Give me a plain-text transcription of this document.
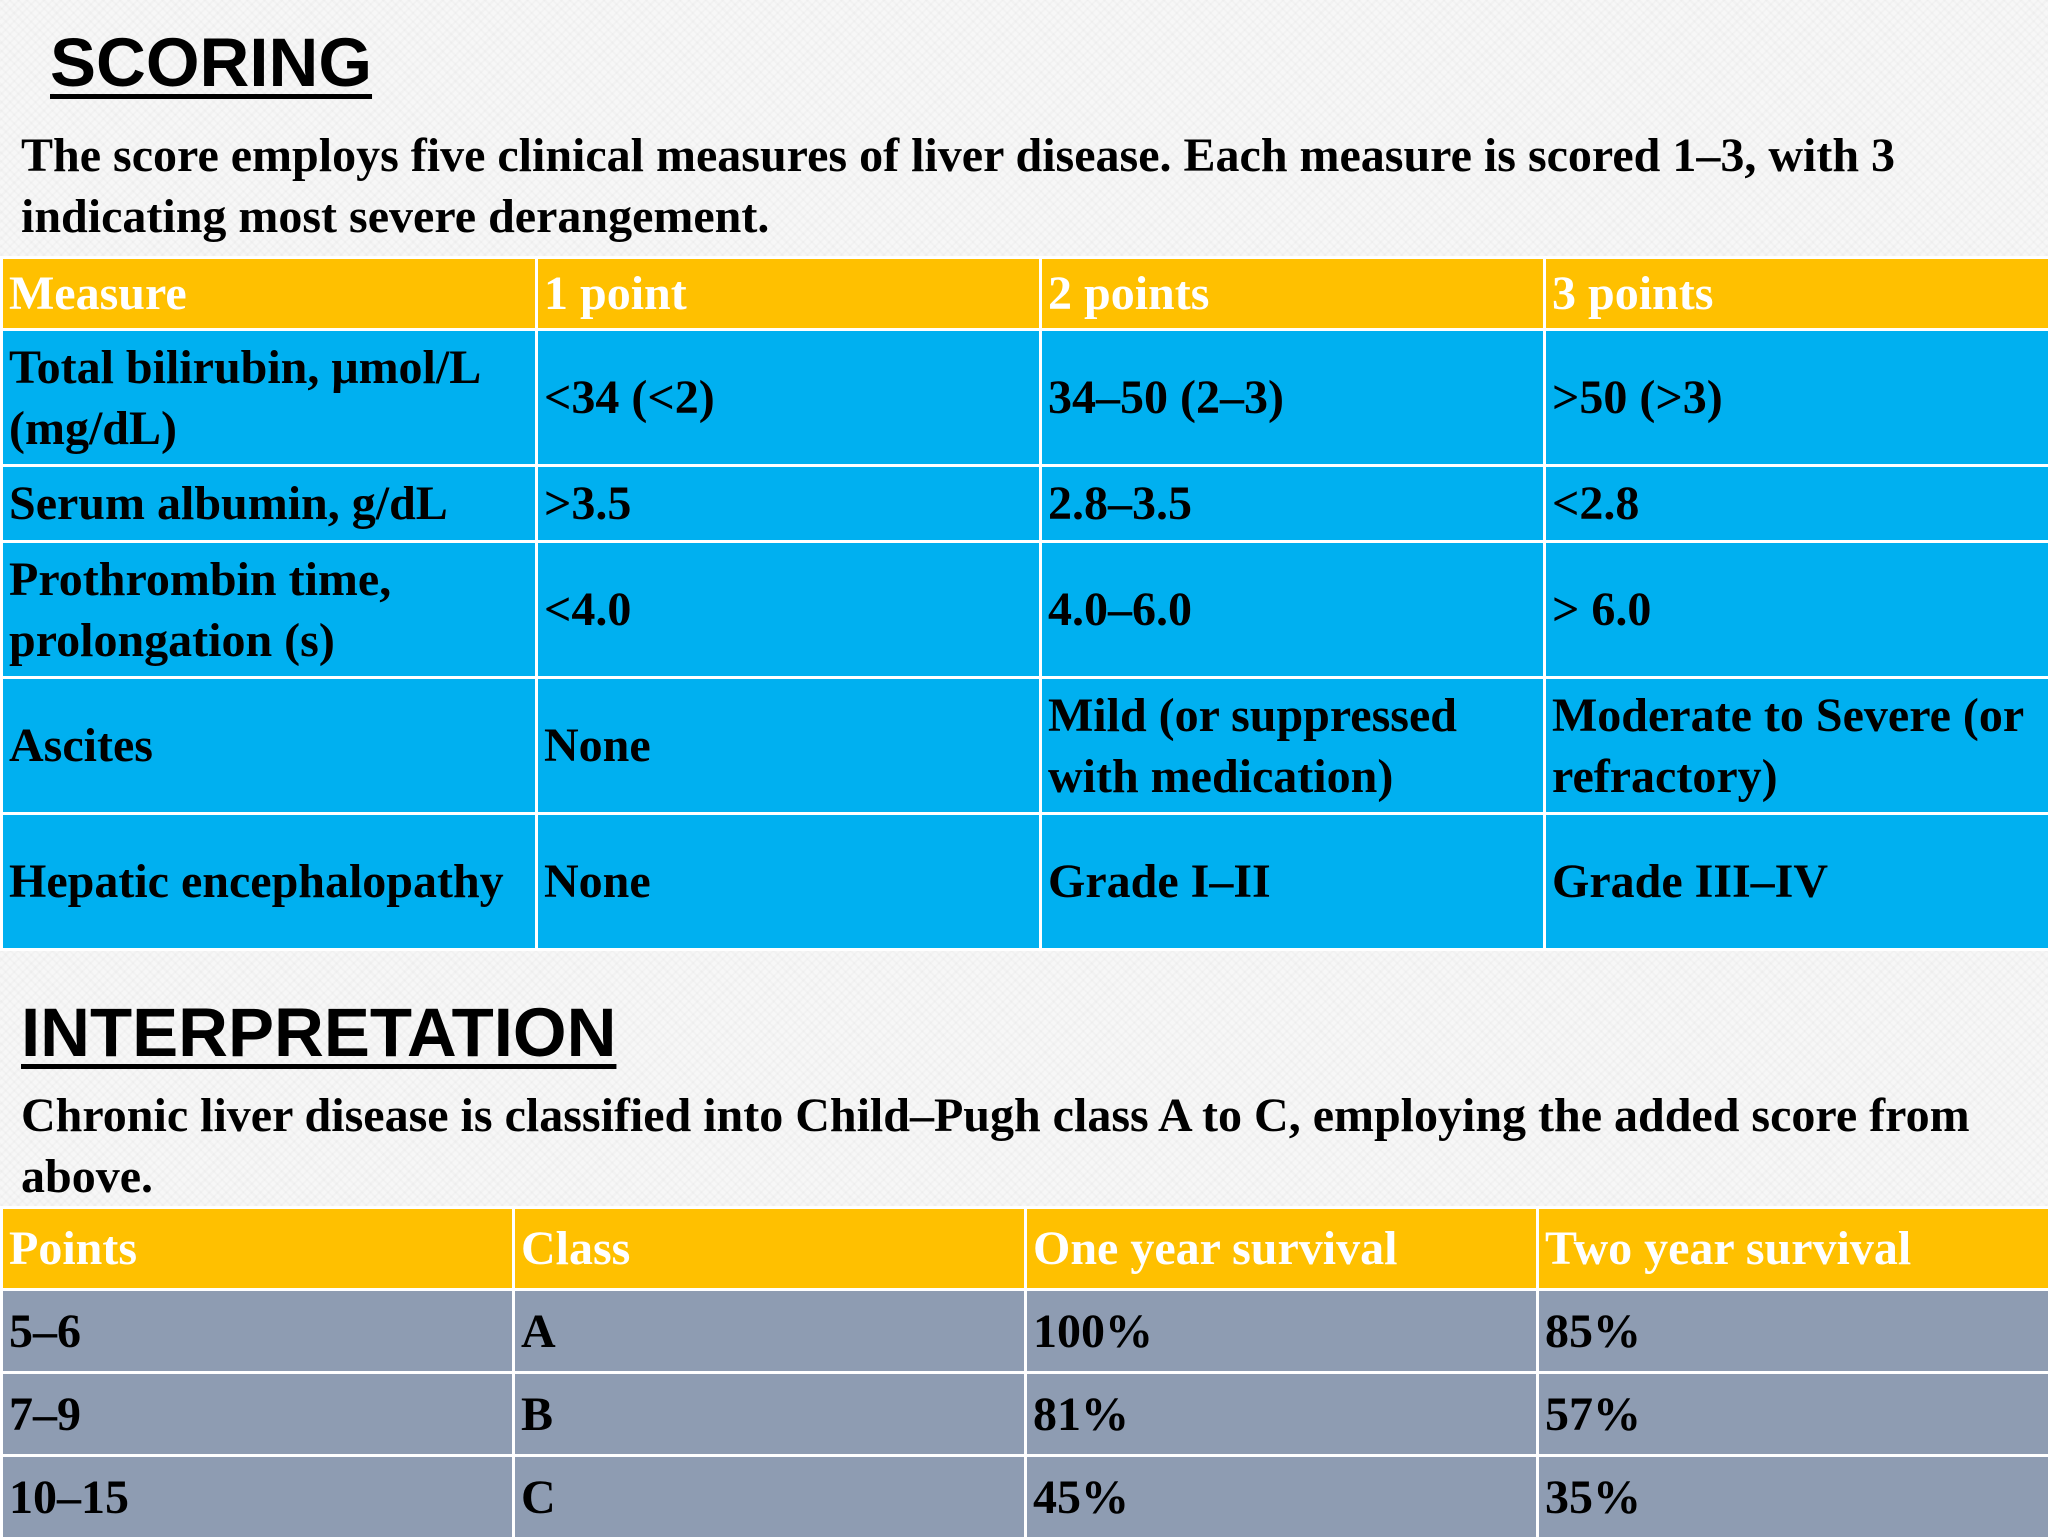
SCORING

The score employs five clinical measures of liver disease. Each measure is scored 1–3, with 3 indicating most severe derangement.

Measure	1 point	2 points	3 points
Total bilirubin, μmol/L (mg/dL)	<34 (<2)	34–50 (2–3)	>50 (>3)
Serum albumin, g/dL	>3.5	2.8–3.5	<2.8
Prothrombin time, prolongation (s)	<4.0	4.0–6.0	> 6.0
Ascites	None	Mild (or suppressed with medication)	Moderate to Severe (or refractory)
Hepatic encephalopathy	None	Grade I–II	Grade III–IV
INTERPRETATION

Chronic liver disease is classified into Child–Pugh class A to C, employing the added score from above.

Points	Class	One year survival	Two year survival
5–6	A	100%	85%
7–9	B	81%	57%
10–15	C	45%	35%
